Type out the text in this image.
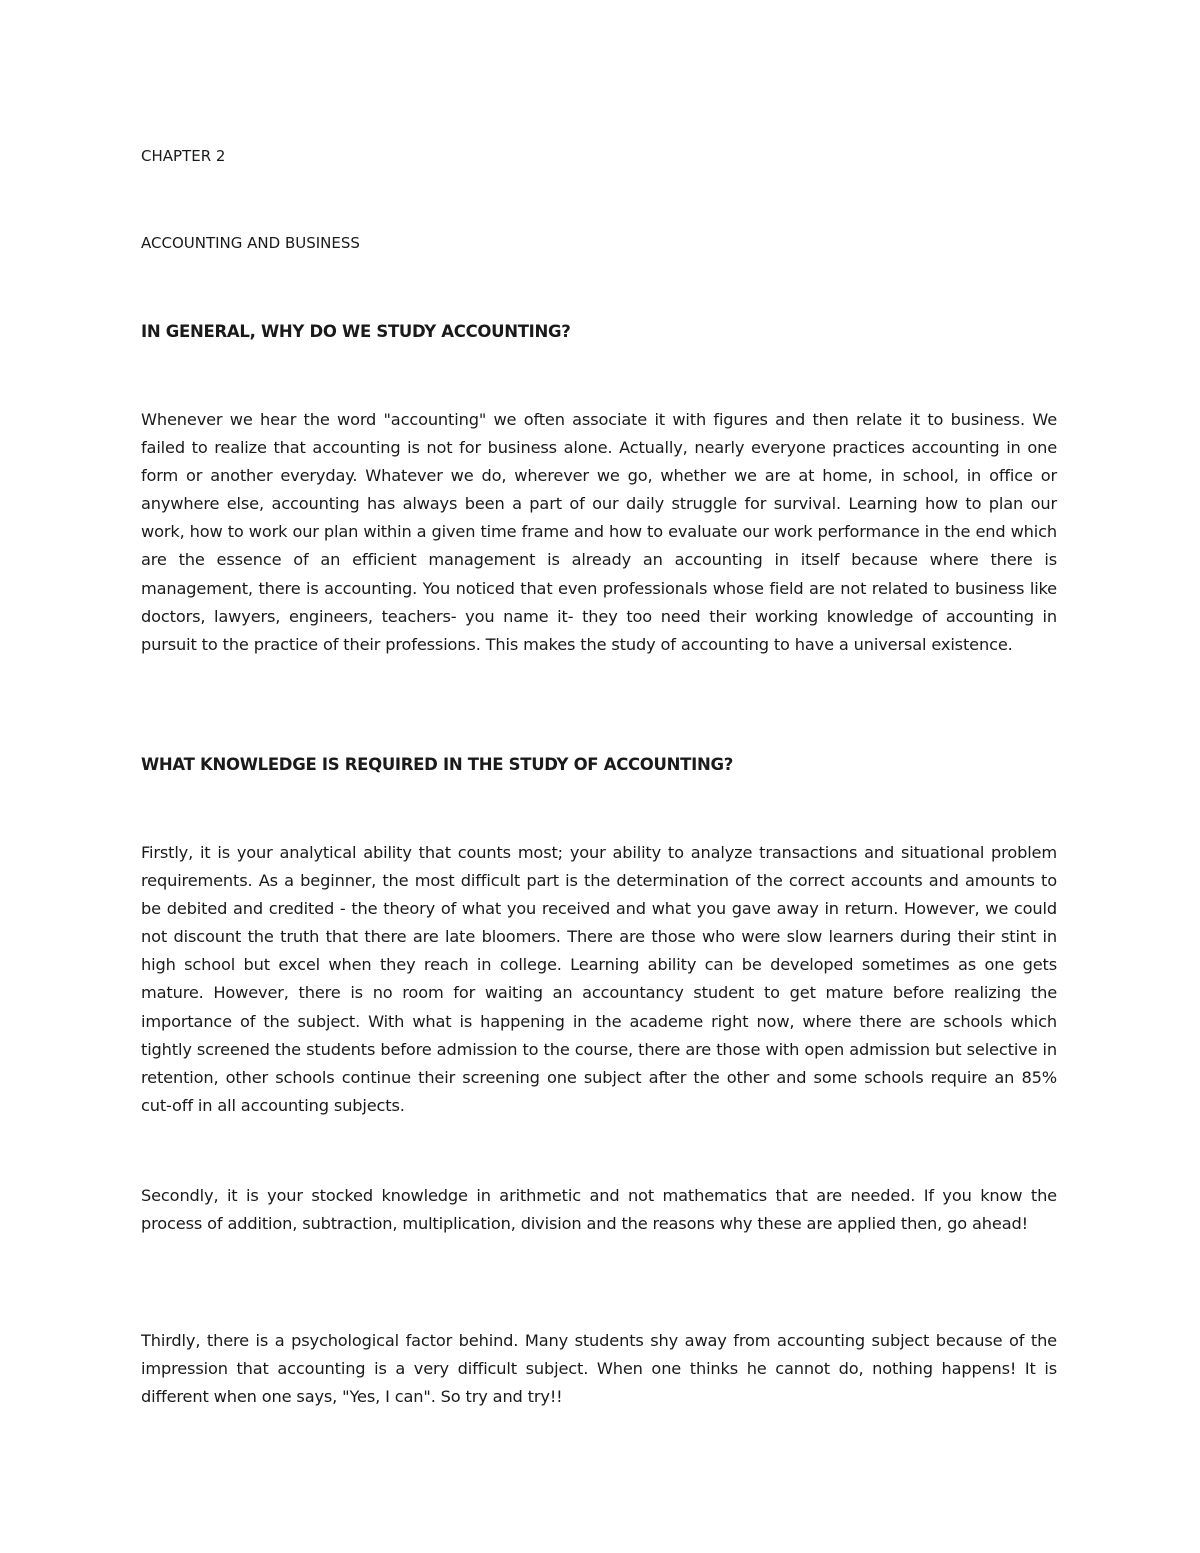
CHAPTER 2

ACCOUNTING AND BUSINESS

IN GENERAL, WHY DO WE STUDY ACCOUNTING?

Whenever we hear the word "accounting" we often associate it with figures and then relate it to business. We failed to realize that accounting is not for business alone. Actually, nearly everyone practices accounting in one form or another everyday. Whatever we do, wherever we go, whether we are at home, in school, in office or anywhere else, accounting has always been a part of our daily struggle for survival. Learning how to plan our work, how to work our plan within a given time frame and how to evaluate our work performance in the end which are the essence of an efficient management is already an accounting in itself because where there is management, there is accounting. You noticed that even professionals whose field are not related to business like doctors, lawyers, engineers, teachers- you name it- they too need their working knowledge of accounting in pursuit to the practice of their professions. This makes the study of accounting to have a universal existence.

WHAT KNOWLEDGE IS REQUIRED IN THE STUDY OF ACCOUNTING?

Firstly, it is your analytical ability that counts most; your ability to analyze transactions and situational problem requirements. As a beginner, the most difficult part is the determination of the correct accounts and amounts to be debited and credited - the theory of what you received and what you gave away in return. However, we could not discount the truth that there are late bloomers. There are those who were slow learners during their stint in high school but excel when they reach in college. Learning ability can be developed sometimes as one gets mature. However, there is no room for waiting an accountancy student to get mature before realizing the importance of the subject. With what is happening in the academe right now, where there are schools which tightly screened the students before admission to the course, there are those with open admission but selective in retention, other schools continue their screening one subject after the other and some schools require an 85% cut-off in all accounting subjects.

Secondly, it is your stocked knowledge in arithmetic and not mathematics that are needed. If you know the process of addition, subtraction, multiplication, division and the reasons why these are applied then, go ahead!

Thirdly, there is a psychological factor behind. Many students shy away from accounting subject because of the impression that accounting is a very difficult subject. When one thinks he cannot do, nothing happens! It is different when one says, "Yes, I can". So try and try!!
